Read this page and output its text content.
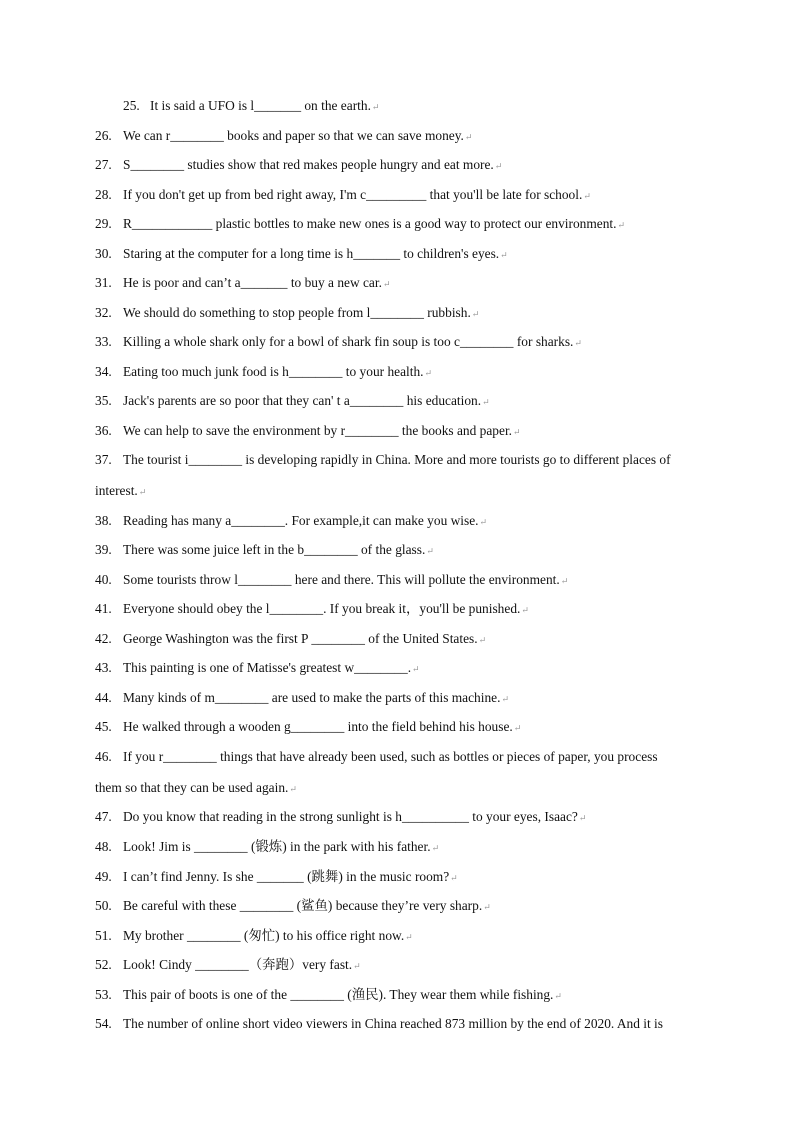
25. It is said a UFO is l_______ on the earth.↵
26. We can r________ books and paper so that we can save money.↵
27. S________ studies show that red makes people hungry and eat more.↵
28. If you don't get up from bed right away, I'm c_________ that you'll be late for school.↵
29. R____________ plastic bottles to make new ones is a good way to protect our environment.↵
30. Staring at the computer for a long time is h_______ to children's eyes.↵
31. He is poor and can’t a_______ to buy a new car.↵
32. We should do something to stop people from l________ rubbish.↵
33. Killing a whole shark only for a bowl of shark fin soup is too c________ for sharks.↵
34. Eating too much junk food is h________ to your health.↵
35. Jack's parents are so poor that they can' t a________ his education.↵
36. We can help to save the environment by r________ the books and paper.↵
37. The tourist i________ is developing rapidly in China. More and more tourists go to different places of
interest.↵
38. Reading has many a________. For example,it can make you wise.↵
39. There was some juice left in the b________ of the glass.↵
40. Some tourists throw l________ here and there. This will pollute the environment.↵
41. Everyone should obey the l________. If you break it，you'll be punished.↵
42. George Washington was the first P ________ of the United States.↵
43. This painting is one of Matisse's greatest w________.↵
44. Many kinds of m________ are used to make the parts of this machine.↵
45. He walked through a wooden g________ into the field behind his house.↵
46. If you r________ things that have already been used, such as bottles or pieces of paper, you process
them so that they can be used again.↵
47. Do you know that reading in the strong sunlight is h__________ to your eyes, Isaac?↵
48. Look! Jim is ________ (锻炼) in the park with his father.↵
49. I can’t find Jenny. Is she _______ (跳舞) in the music room?↵
50. Be careful with these ________ (鲨鱼) because they’re very sharp.↵
51. My brother ________ (匆忙) to his office right now.↵
52. Look! Cindy ________（奔跑）very fast.↵
53. This pair of boots is one of the ________ (渔民). They wear them while fishing.↵
54. The number of online short video viewers in China reached 873 million by the end of 2020. And it is
